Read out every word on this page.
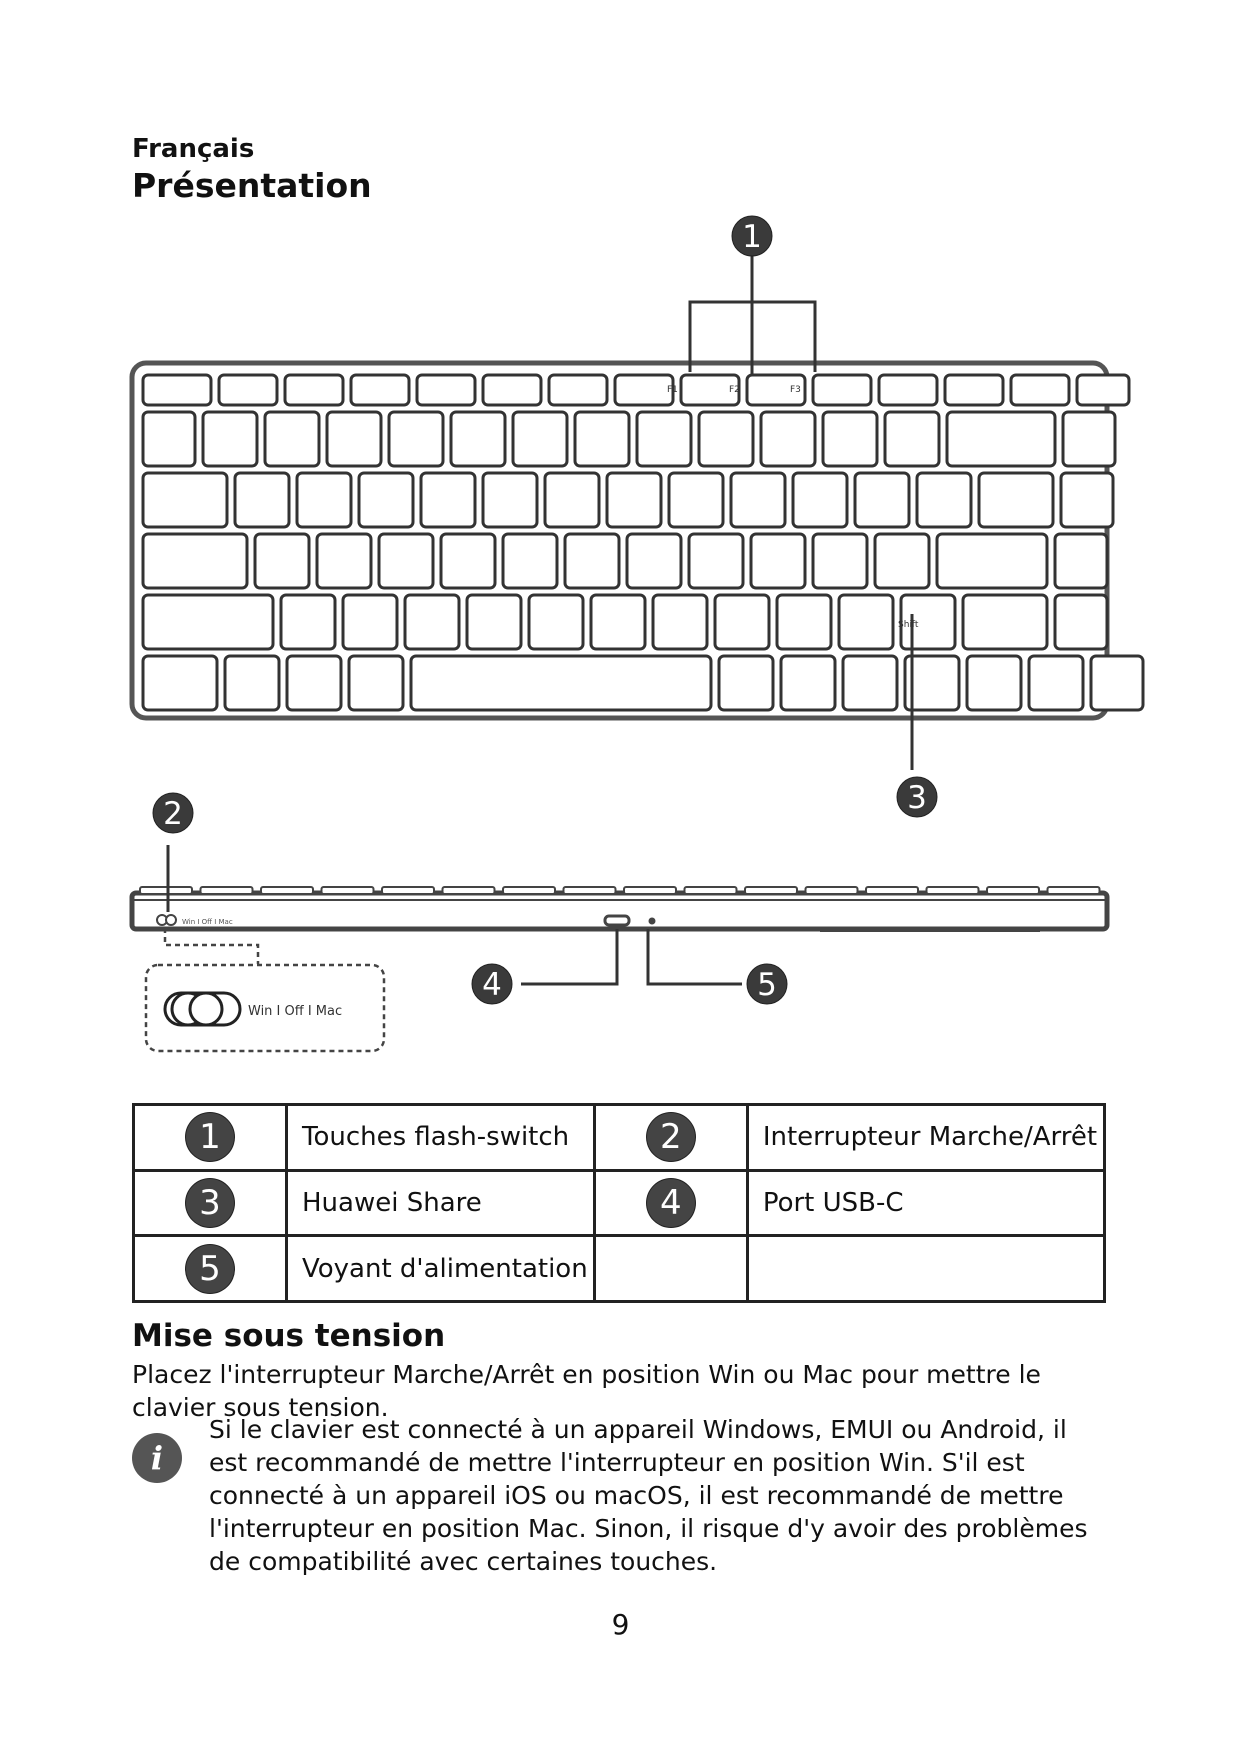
Français
Présentation
F1	F2	F3
Shift
Win I Off I Mac
Win I Off I Mac
1
2	3
4	5
1	Touches flash-switch	2	Interrupteur Marche/Arrêt
3	Huawei Share	4	Port USB-C
5	Voyant d'alimentation		
Mise sous tension
Placez l'interrupteur Marche/Arrêt en position Win ou Mac pour mettre le clavier sous tension.
i
Si le clavier est connecté à un appareil Windows, EMUI ou Android, il est recommandé de mettre l'interrupteur en position Win. S'il est connecté à un appareil iOS ou macOS, il est recommandé de mettre l'interrupteur en position Mac. Sinon, il risque d'y avoir des problèmes de compatibilité avec certaines touches.
9
